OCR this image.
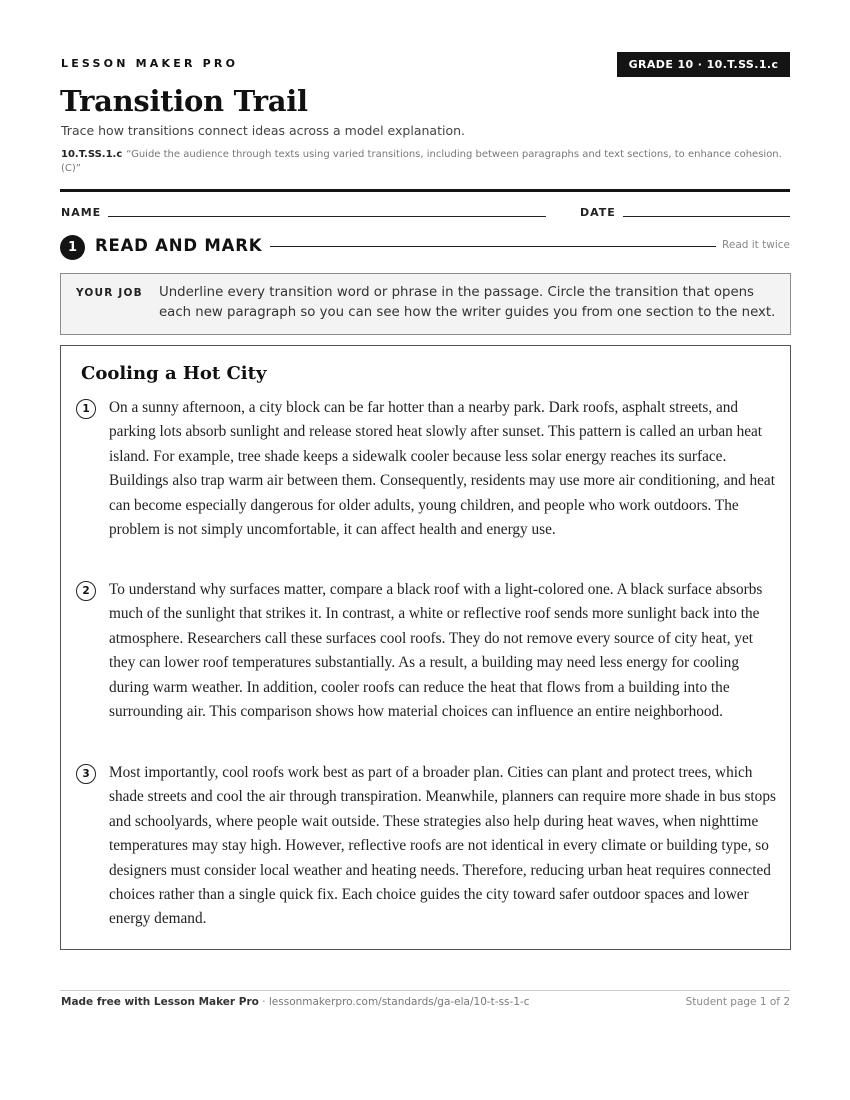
LESSON MAKER PRO	GRADE 10 · 10.T.SS.1.c
Transition Trail
Trace how transitions connect ideas across a model explanation.
10.T.SS.1.c “Guide the audience through texts using varied transitions, including between paragraphs and text sections, to enhance cohesion. (C)”
NAME	DATE
1	READ AND MARK	Read it twice
YOUR JOB Underline every transition word or phrase in the passage. Circle the transition that opens each new paragraph so you can see how the writer guides you from one section to the next.
Cooling a Hot City
1	On a sunny afternoon, a city block can be far hotter than a nearby park. Dark roofs, asphalt streets, and parking lots absorb sunlight and release stored heat slowly after sunset. This pattern is called an urban heat island. For example, tree shade keeps a sidewalk cooler because less solar energy reaches its surface. Buildings also trap warm air between them. Consequently, residents may use more air conditioning, and heat can become especially dangerous for older adults, young children, and people who work outdoors. The problem is not simply uncomfortable, it can affect health and energy use.

2	To understand why surfaces matter, compare a black roof with a light-colored one. A black surface absorbs much of the sunlight that strikes it. In contrast, a white or reflective roof sends more sunlight back into the atmosphere. Researchers call these surfaces cool roofs. They do not remove every source of city heat, yet they can lower roof temperatures substantially. As a result, a building may need less energy for cooling during warm weather. In addition, cooler roofs can reduce the heat that flows from a building into the surrounding air. This comparison shows how material choices can influence an entire neighborhood.

3	Most importantly, cool roofs work best as part of a broader plan. Cities can plant and protect trees, which shade streets and cool the air through transpiration. Meanwhile, planners can require more shade in bus stops and schoolyards, where people wait outside. These strategies also help during heat waves, when nighttime temperatures may stay high. However, reflective roofs are not identical in every climate or building type, so designers must consider local weather and heating needs. Therefore, reducing urban heat requires connected choices rather than a single quick fix. Each choice guides the city toward safer outdoor spaces and lower energy demand.

Made free with Lesson Maker Pro · lessonmakerpro.com/standards/ga-ela/10-t-ss-1-c	Student page 1 of 2
